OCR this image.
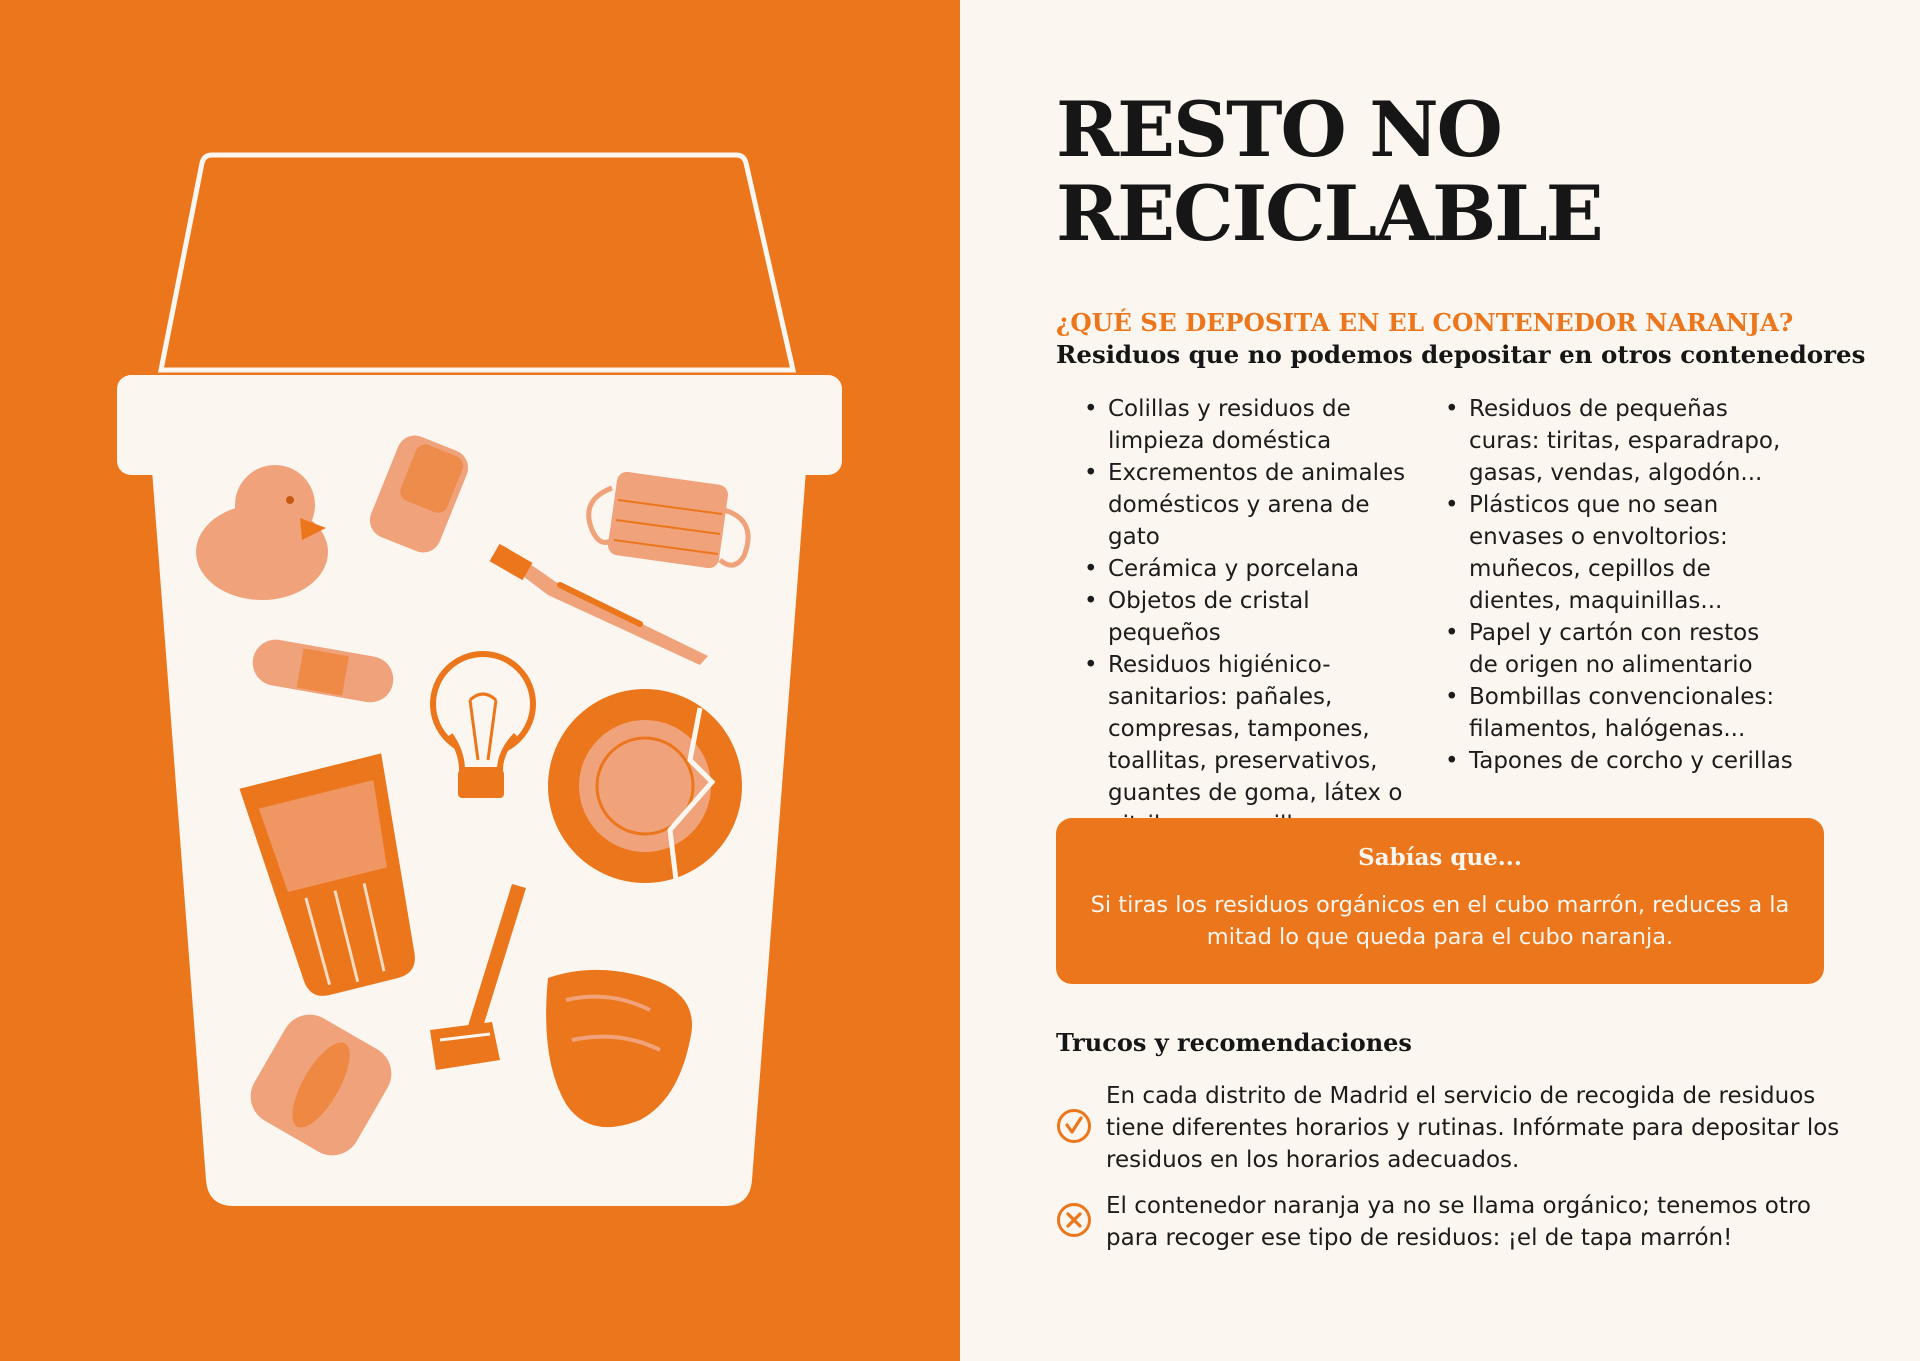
RESTO NO
RECICLABLE

¿QUÉ SE DEPOSITA EN EL CONTENEDOR NARANJA?

Residuos que no podemos depositar en otros contenedores

• Colillas y residuos de limpieza doméstica
• Excrementos de animales domésticos y arena de gato
• Cerámica y porcelana
• Objetos de cristal pequeños
• Residuos higiénico-sanitarios: pañales, compresas, tampones, toallitas, preservativos, guantes de goma, látex o
• Residuos de pequeñas curas: tiritas, esparadrapo, gasas, vendas, algodón...
• Plásticos que no sean envases o envoltorios: muñecos, cepillos de dientes, maquinillas...
• Papel y cartón con restos de origen no alimentario
• Bombillas convencionales: filamentos, halógenas...
• Tapones de corcho y cerillas

Sabías que...

Si tiras los residuos orgánicos en el cubo marrón, reduces a la mitad lo que queda para el cubo naranja.

Trucos y recomendaciones

En cada distrito de Madrid el servicio de recogida de residuos tiene diferentes horarios y rutinas. Infórmate para depositar los residuos en los horarios adecuados.

El contenedor naranja ya no se llama orgánico; tenemos otro para recoger ese tipo de residuos: ¡el de tapa marrón!
